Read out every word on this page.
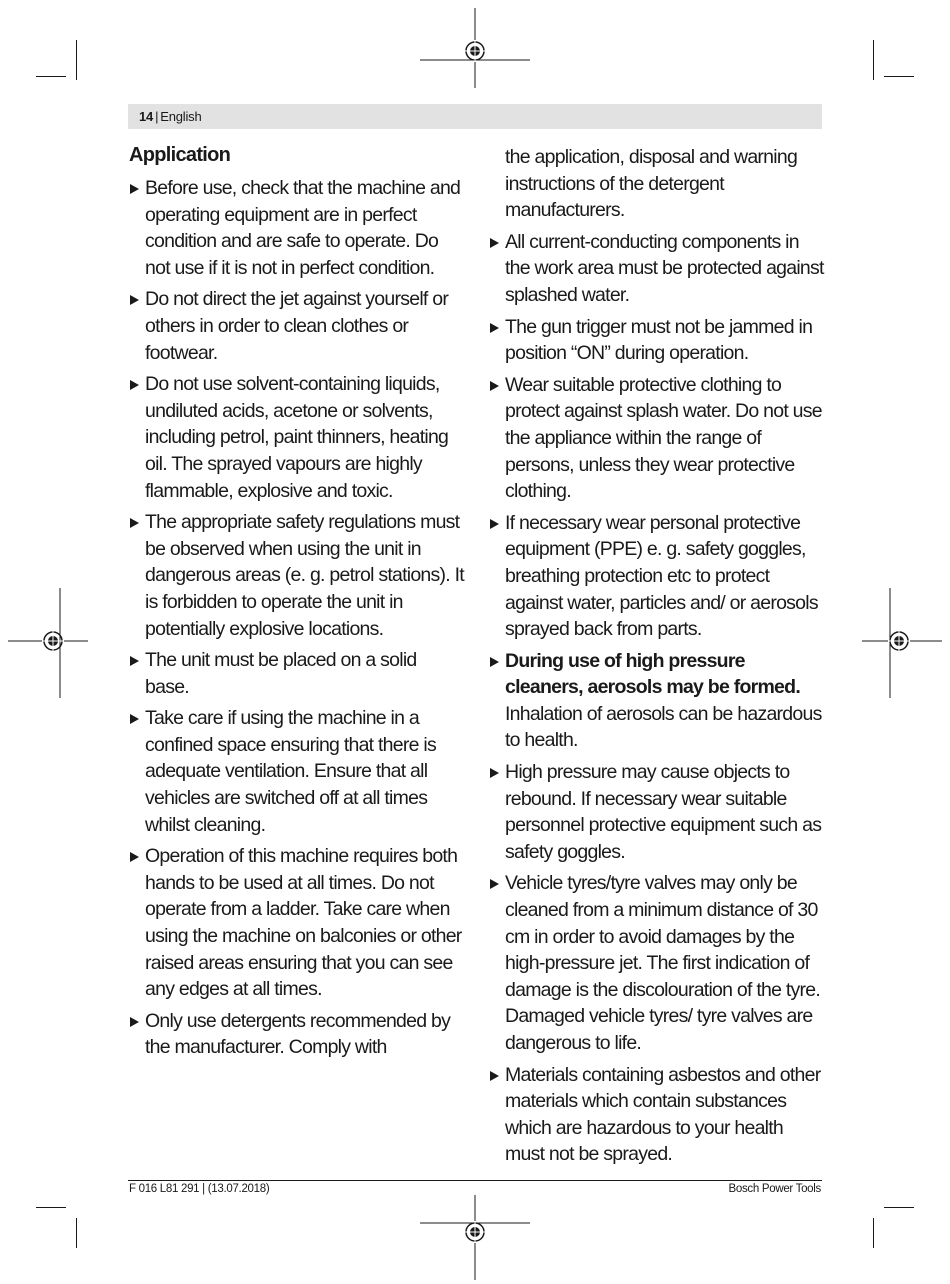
14 | English
Application
Before use, check that the machine and operating equipment are in perfect condition and are safe to operate. Do not use if it is not in perfect condition.
Do not direct the jet against yourself or others in order to clean clothes or footwear.
Do not use solvent-containing liquids, undiluted acids, acetone or solvents, including petrol, paint thinners, heating oil. The sprayed vapours are highly flammable, explosive and toxic.
The appropriate safety regulations must be observed when using the unit in dangerous areas (e. g. petrol stations). It is forbidden to operate the unit in potentially explosive locations.
The unit must be placed on a solid base.
Take care if using the machine in a confined space ensuring that there is adequate ventilation. Ensure that all vehicles are switched off at all times whilst cleaning.
Operation of this machine requires both hands to be used at all times. Do not operate from a ladder. Take care when using the machine on balconies or other raised areas ensuring that you can see any edges at all times.
Only use detergents recommended by the manufacturer. Comply with
the application, disposal and warning instructions of the detergent manufacturers.
All current-conducting components in the work area must be protected against splashed water.
The gun trigger must not be jammed in position “ON” during operation.
Wear suitable protective clothing to protect against splash water. Do not use the appliance within the range of persons, unless they wear protective clothing.
If necessary wear personal protective equipment (PPE) e. g. safety goggles, breathing protection etc to protect against water, particles and/ or aerosols sprayed back from parts.
During use of high pressure cleaners, aerosols may be formed. Inhalation of aerosols can be hazardous to health.
High pressure may cause objects to rebound. If necessary wear suitable personnel protective equipment such as safety goggles.
Vehicle tyres/tyre valves may only be cleaned from a minimum distance of 30 cm in order to avoid damages by the high-pressure jet. The first indication of damage is the discolouration of the tyre. Damaged vehicle tyres/ tyre valves are dangerous to life.
Materials containing asbestos and other materials which contain substances which are hazardous to your health must not be sprayed.
F 016 L81 291 | (13.07.2018)	Bosch Power Tools
